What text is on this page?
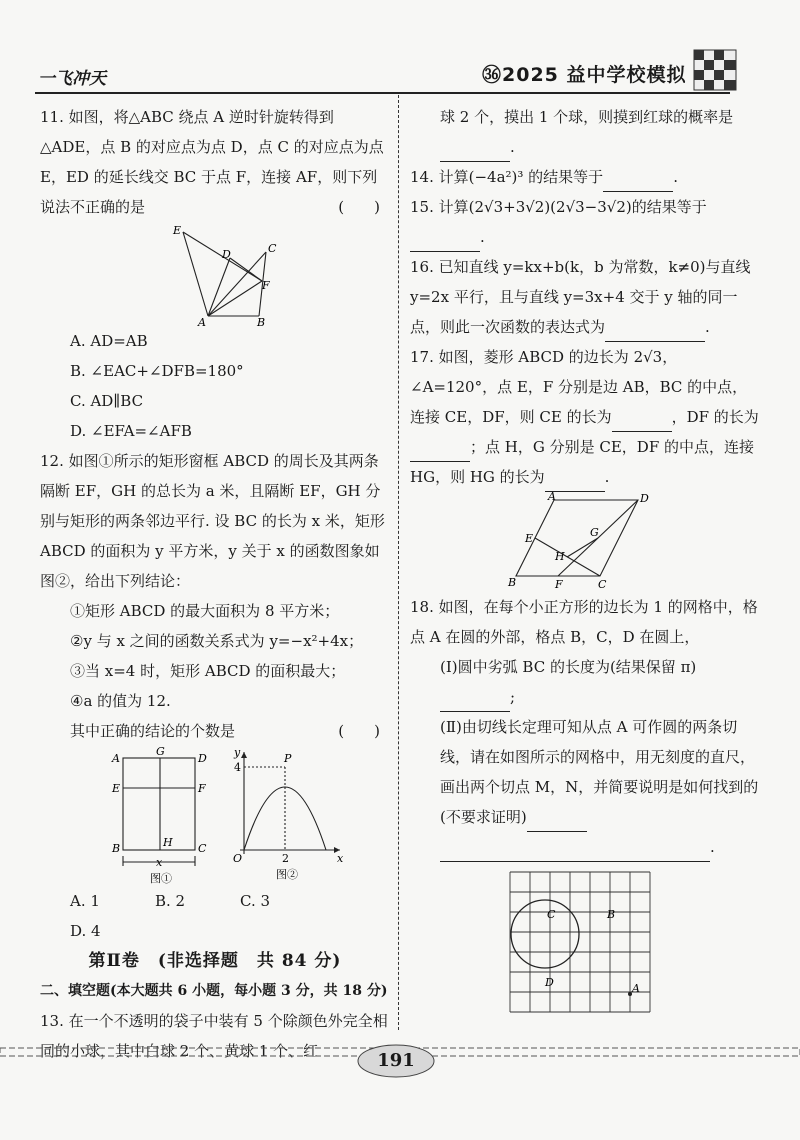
一飞冲天	㊱2025 益中学校模拟

11. 如图，将△ABC 绕点 A 逆时针旋转得到△ADE，点 B 的对应点为点 D，点 C 的对应点为点 E，ED 的延长线交 BC 于点 F，连接 AF，则下列说法不正确的是	(　　)

E
D	C
F
A	B

A. AD=AB

B. ∠EAC+∠DFB=180°

C. AD∥BC

D. ∠EFA=∠AFB

12. 如图①所示的矩形窗框 ABCD 的周长及其两条隔断 EF，GH 的总长为 a 米，且隔断 EF，GH 分别与矩形的两条邻边平行. 设 BC 的长为 x 米，矩形 ABCD 的面积为 y 平方米，y 关于 x 的函数图象如图②，给出下列结论：

①矩形 ABCD 的最大面积为 8 平方米；

②y 与 x 之间的函数关系式为 y=−x²+4x；

③当 x=4 时，矩形 ABCD 的面积最大；

④a 的值为 12.

其中正确的结论的个数是	(　　)

A
G
D
E	F
B	H C
x
图①
y	P
4
O	2	x
图②

A. 1	B. 2	C. 3D. 4

第Ⅱ卷　(非选择题　共 84 分)

二、填空题(本大题共 6 小题，每小题 3 分，共 18 分)

13. 在一个不透明的袋子中装有 5 个除颜色外完全相同的小球，其中白球 2 个、黄球 1 个、红

球 2 个，摸出 1 个球，则摸到红球的概率是.

14. 计算(−4a²)³ 的结果等于	.

15. 计算(2√3+3√2)(2√3−3√2)的结果等于.

16. 已知直线 y=kx+b(k，b 为常数，k≠0)与直线y=2x 平行，且与直线 y=3x+4 交于 y 轴的同一点，则此一次函数的表达式为	.

17. 如图，菱形 ABCD 的边长为 2√3，∠A=120°，点 E，F 分别是边 AB，BC 的中点，连接 CE，DF，则 CE 的长为	，DF 的长为；点 H，G 分别是 CE，DF 的中点，连接 HG，则 HG 的长为	.

A	D
E	G
H
B	F	C

18. 如图，在每个小正方形的边长为 1 的网格中，格点 A 在圆的外部，格点 B，C，D 在圆上，

(Ⅰ)圆中劣弧 BC 的长度为(结果保留 π)
;

(Ⅱ)由切线长定理可知从点 A 可作圆的两条切线，请在如图所示的网格中，用无刻度的直尺，画出两个切点 M，N，并简要说明是如何找到的(不要求证明)
.

C	B
D	A
191
